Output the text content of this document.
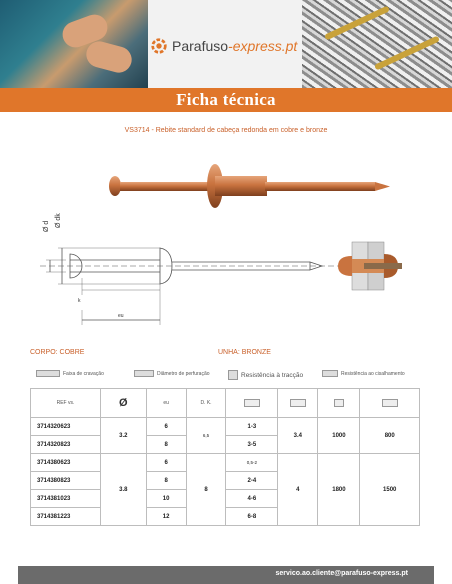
Parafuso-express.pt
Ficha técnica
VS3714 - Rebite standard de cabeça redonda em cobre e bronze
Ø d Ø dk
k
eu
CORPO: COBRE	UNHA: BRONZE
Faixa de cravação	Diâmetro de perfuração	Resistência à tracção	Resistência ao cisalhamento
REF vs.	Ø	eu	D. K.				
3714320623	3.2	6	6,5	1-3	3.4	1000	800
3714320823		8		3-5			
3714380623	3.8	6	8	0,5-2	4	1800	1500
3714380823		8		2-4			
3714381023		10		4-6			
3714381223		12		6-8			
servico.ao.cliente@parafuso-express.pt
